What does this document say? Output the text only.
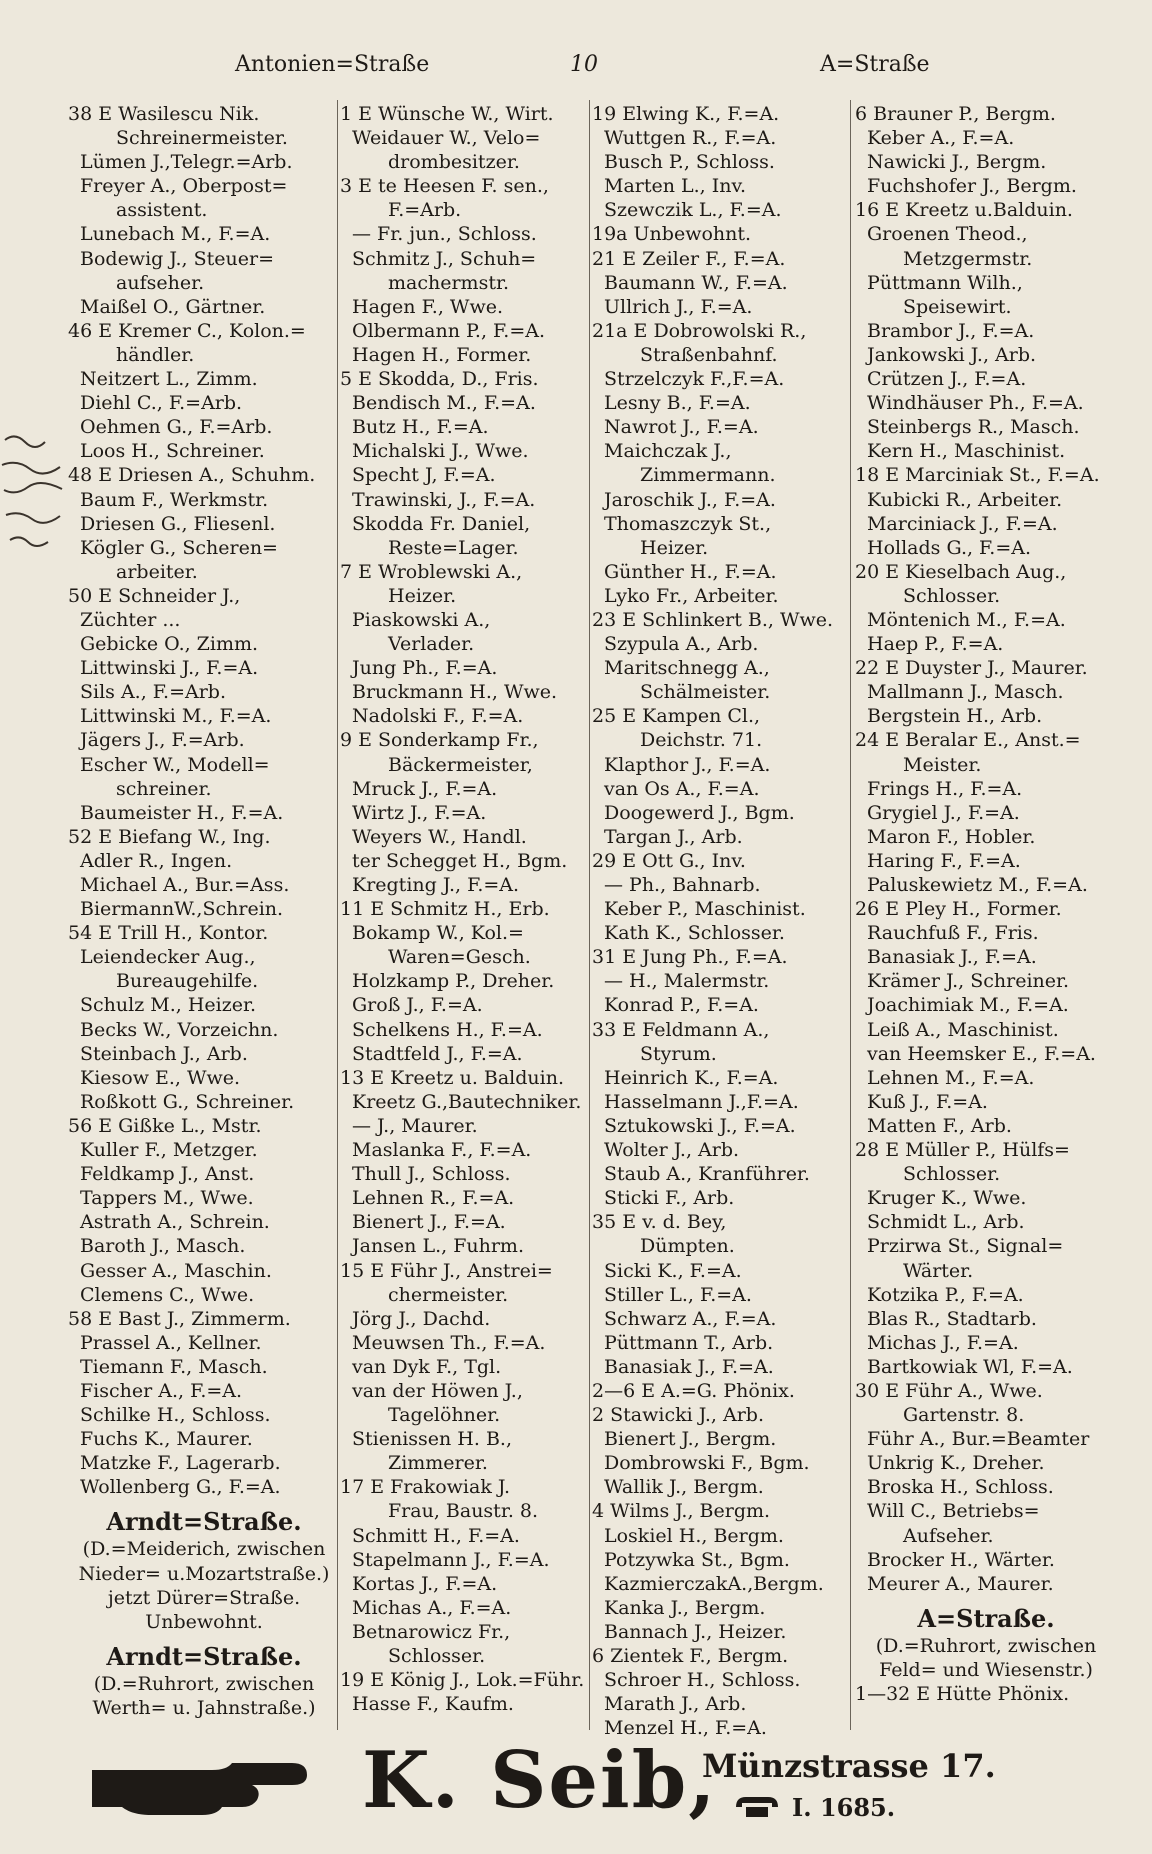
Antonien=Straße	10	A=Straße
38 E Wasilescu Nik.
Schreinermeister.
Lümen J.,Telegr.=Arb.
Freyer A., Oberpost=
assistent.
Lunebach M., F.=A.
Bodewig J., Steuer=
aufseher.
Maißel O., Gärtner.
46 E Kremer C., Kolon.=
händler.
Neitzert L., Zimm.
Diehl C., F.=Arb.
Oehmen G., F.=Arb.
Loos H., Schreiner.
48 E Driesen A., Schuhm.
Baum F., Werkmstr.
Driesen G., Fliesenl.
Kögler G., Scheren=
arbeiter.
50 E Schneider J.,
Züchter ...
Gebicke O., Zimm.
Littwinski J., F.=A.
Sils A., F.=Arb.
Littwinski M., F.=A.
Jägers J., F.=Arb.
Escher W., Modell=
schreiner.
Baumeister H., F.=A.
52 E Biefang W., Ing.
Adler R., Ingen.
Michael A., Bur.=Ass.
BiermannW.,Schrein.
54 E Trill H., Kontor.
Leiendecker Aug.,
Bureaugehilfe.
Schulz M., Heizer.
Becks W., Vorzeichn.
Steinbach J., Arb.
Kiesow E., Wwe.
Roßkott G., Schreiner.
56 E Gißke L., Mstr.
Kuller F., Metzger.
Feldkamp J., Anst.
Tappers M., Wwe.
Astrath A., Schrein.
Baroth J., Masch.
Gesser A., Maschin.
Clemens C., Wwe.
58 E Bast J., Zimmerm.
Prassel A., Kellner.
Tiemann F., Masch.
Fischer A., F.=A.
Schilke H., Schloss.
Fuchs K., Maurer.
Matzke F., Lagerarb.
Wollenberg G., F.=A.
Arndt=Straße.
(D.=Meiderich, zwischen
Nieder= u.Mozartstraße.)
jetzt Dürer=Straße.
Unbewohnt.
Arndt=Straße.
(D.=Ruhrort, zwischen
Werth= u. Jahnstraße.)
1 E Wünsche W., Wirt.
Weidauer W., Velo=
drombesitzer.
3 E te Heesen F. sen.,
F.=Arb.
— Fr. jun., Schloss.
Schmitz J., Schuh=
machermstr.
Hagen F., Wwe.
Olbermann P., F.=A.
Hagen H., Former.
5 E Skodda, D., Fris.
Bendisch M., F.=A.
Butz H., F.=A.
Michalski J., Wwe.
Specht J, F.=A.
Trawinski, J., F.=A.
Skodda Fr. Daniel,
Reste=Lager.
7 E Wroblewski A.,
Heizer.
Piaskowski A.,
Verlader.
Jung Ph., F.=A.
Bruckmann H., Wwe.
Nadolski F., F.=A.
9 E Sonderkamp Fr.,
Bäckermeister,
Mruck J., F.=A.
Wirtz J., F.=A.
Weyers W., Handl.
ter Schegget H., Bgm.
Kregting J., F.=A.
11 E Schmitz H., Erb.
Bokamp W., Kol.=
Waren=Gesch.
Holzkamp P., Dreher.
Groß J., F.=A.
Schelkens H., F.=A.
Stadtfeld J., F.=A.
13 E Kreetz u. Balduin.
Kreetz G.,Bautechniker.
— J., Maurer.
Maslanka F., F.=A.
Thull J., Schloss.
Lehnen R., F.=A.
Bienert J., F.=A.
Jansen L., Fuhrm.
15 E Führ J., Anstrei=
chermeister.
Jörg J., Dachd.
Meuwsen Th., F.=A.
van Dyk F., Tgl.
van der Höwen J.,
Tagelöhner.
Stienissen H. B.,
Zimmerer.
17 E Frakowiak J.
Frau, Baustr. 8.
Schmitt H., F.=A.
Stapelmann J., F.=A.
Kortas J., F.=A.
Michas A., F.=A.
Betnarowicz Fr.,
Schlosser.
19 E König J., Lok.=Führ.
Hasse F., Kaufm.
19 Elwing K., F.=A.
Wuttgen R., F.=A.
Busch P., Schloss.
Marten L., Inv.
Szewczik L., F.=A.
19a Unbewohnt.
21 E Zeiler F., F.=A.
Baumann W., F.=A.
Ullrich J., F.=A.
21a E Dobrowolski R.,
Straßenbahnf.
Strzelczyk F.,F.=A.
Lesny B., F.=A.
Nawrot J., F.=A.
Maichczak J.,
Zimmermann.
Jaroschik J., F.=A.
Thomaszczyk St.,
Heizer.
Günther H., F.=A.
Lyko Fr., Arbeiter.
23 E Schlinkert B., Wwe.
Szypula A., Arb.
Maritschnegg A.,
Schälmeister.
25 E Kampen Cl.,
Deichstr. 71.
Klapthor J., F.=A.
van Os A., F.=A.
Doogewerd J., Bgm.
Targan J., Arb.
29 E Ott G., Inv.
— Ph., Bahnarb.
Keber P., Maschinist.
Kath K., Schlosser.
31 E Jung Ph., F.=A.
— H., Malermstr.
Konrad P., F.=A.
33 E Feldmann A.,
Styrum.
Heinrich K., F.=A.
Hasselmann J.,F.=A.
Sztukowski J., F.=A.
Wolter J., Arb.
Staub A., Kranführer.
Sticki F., Arb.
35 E v. d. Bey,
Dümpten.
Sicki K., F.=A.
Stiller L., F.=A.
Schwarz A., F.=A.
Püttmann T., Arb.
Banasiak J., F.=A.
2—6 E A.=G. Phönix.
2 Stawicki J., Arb.
Bienert J., Bergm.
Dombrowski F., Bgm.
Wallik J., Bergm.
4 Wilms J., Bergm.
Loskiel H., Bergm.
Potzywka St., Bgm.
KazmierczakA.,Bergm.
Kanka J., Bergm.
Bannach J., Heizer.
6 Zientek F., Bergm.
Schroer H., Schloss.
Marath J., Arb.
Menzel H., F.=A.
6 Brauner P., Bergm.
Keber A., F.=A.
Nawicki J., Bergm.
Fuchshofer J., Bergm.
16 E Kreetz u.Balduin.
Groenen Theod.,
Metzgermstr.
Püttmann Wilh.,
Speisewirt.
Brambor J., F.=A.
Jankowski J., Arb.
Crützen J., F.=A.
Windhäuser Ph., F.=A.
Steinbergs R., Masch.
Kern H., Maschinist.
18 E Marciniak St., F.=A.
Kubicki R., Arbeiter.
Marciniack J., F.=A.
Hollads G., F.=A.
20 E Kieselbach Aug.,
Schlosser.
Möntenich M., F.=A.
Haep P., F.=A.
22 E Duyster J., Maurer.
Mallmann J., Masch.
Bergstein H., Arb.
24 E Beralar E., Anst.=
Meister.
Frings H., F.=A.
Grygiel J., F.=A.
Maron F., Hobler.
Haring F., F.=A.
Paluskewietz M., F.=A.
26 E Pley H., Former.
Rauchfuß F., Fris.
Banasiak J., F.=A.
Krämer J., Schreiner.
Joachimiak M., F.=A.
Leiß A., Maschinist.
van Heemsker E., F.=A.
Lehnen M., F.=A.
Kuß J., F.=A.
Matten F., Arb.
28 E Müller P., Hülfs=
Schlosser.
Kruger K., Wwe.
Schmidt L., Arb.
Przirwa St., Signal=
Wärter.
Kotzika P., F.=A.
Blas R., Stadtarb.
Michas J., F.=A.
Bartkowiak Wl, F.=A.
30 E Führ A., Wwe.
Gartenstr. 8.
Führ A., Bur.=Beamter
Unkrig K., Dreher.
Broska H., Schloss.
Will C., Betriebs=
Aufseher.
Brocker H., Wärter.
Meurer A., Maurer.
A=Straße.
(D.=Ruhrort, zwischen
Feld= und Wiesenstr.)
1—32 E Hütte Phönix.
K. Seib,
Münzstrasse 17.
I. 1685.
